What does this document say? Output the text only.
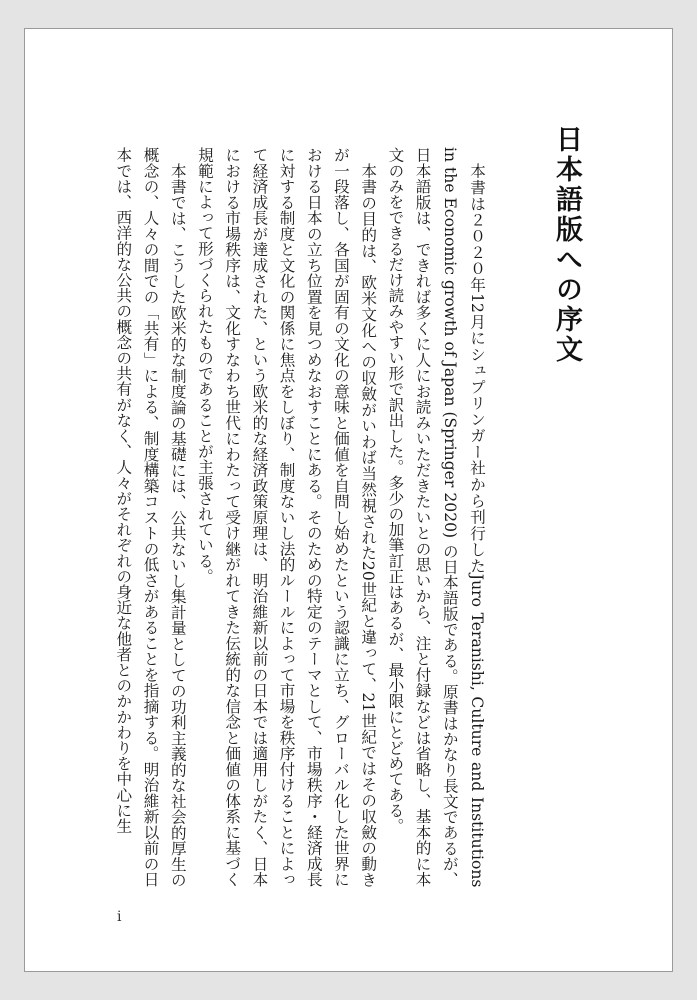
日本語版への序文

本書は２０２０年12月にシュプリンガー社から刊行したJuro Teranishi, Culture and Institutions in the Economic growth of Japan (Springer 2020) の日本語版である。原書はかなり長文であるが、日本語版は、できれば多くに人にお読みいただきたいとの思いから、注と付録などは省略し、基本的に本文のみをできるだけ読みやすい形で訳出した。多少の加筆訂正はあるが、最小限にとどめてある。

本書の目的は、欧米文化への収斂がいわば当然視された20世紀と違って、21世紀ではその収斂の動きが一段落し、各国が固有の文化の意味と価値を自問し始めたという認識に立ち、グローバル化した世界における日本の立ち位置を見つめなおすことにある。そのための特定のテーマとして、市場秩序・経済成長に対する制度と文化の関係に焦点をしぼり、制度ないし法的ルールによって市場を秩序付けることによって経済成長が達成された、という欧米的な経済政策原理は、明治維新以前の日本では適用しがたく、日本における市場秩序は、文化すなわち世代にわたって受け継がれてきた伝統的な信念と価値の体系に基づく規範によって形づくられたものであることが主張されている。

本書では、こうした欧米的な制度論の基礎には、公共ないし集計量としての功利主義的な社会的厚生の概念の、人々の間での「共有」による、制度構築コストの低さがあることを指摘する。明治維新以前の日本では、西洋的な公共の概念の共有がなく、人々がそれぞれの身近な他者とのかかわりを中心に生

i
